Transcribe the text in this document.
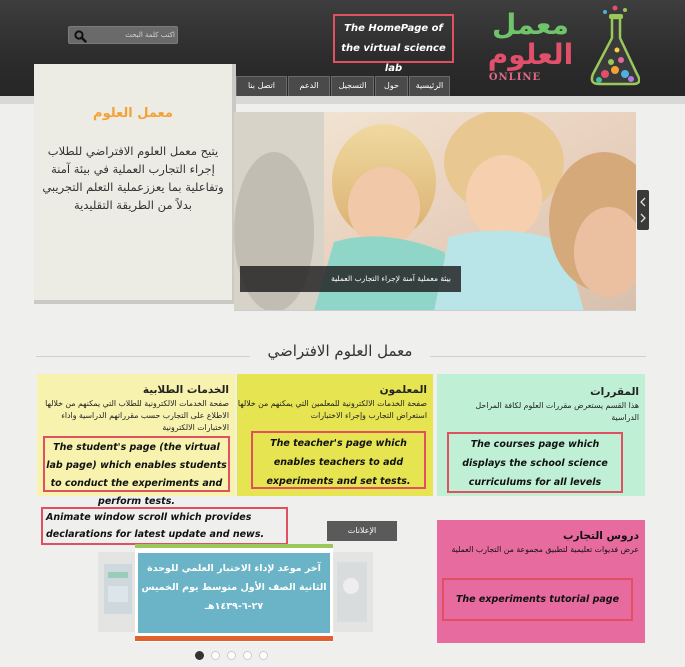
اكتب كلمة البحث
The HomePage of the virtual science lab
معمل
العلوم
ONLINE
الرئيسية
حول
التسجيل
الدعم
اتصل بنا
معمل العلوم
يتيح معمل العلوم الافتراضي للطلاب إجراء التجارب العملية في بيئة آمنة وتفاعلية بما يعززعملية التعلم التجريبي بدلاً من الطريقة التقليدية
بيئة معملية آمنة لإجراء التجارب العملية
معمل العلوم الافتراضي
الخدمات الطلابية
صفحة الخدمات الالكترونية للطلاب التي يمكنهم من خلالها الاطلاع على التجارب حسب مقرراتهم الدراسية واداء الاختبارات الالكترونية
The student's page (the virtual lab page) which enables students to conduct the experiments and perform tests.
المعلمون
صفحة الخدمات الالكترونية للمعلمين التي يمكنهم من خلالها استعراض التجارب وإجراء الاختبارات
The teacher's page which enables teachers to add experiments and set tests.
المقررات
هذا القسم يستعرض مقررات العلوم لكافة المراحل الدراسية
The courses page which displays the school science curriculums for all levels
Animate window scroll which provides declarations for latest update and news.	الإعلانات
آخر موعد لإداء الاختبار العلمي للوحدة الثانية الصف الأول متوسط يوم الخميس ٢٧-٦-١٤٣٩هـ
دروس التجارب
عرض فديوات تعليمية لتطبيق مجموعة من التجارب العملية
The experiments tutorial page
